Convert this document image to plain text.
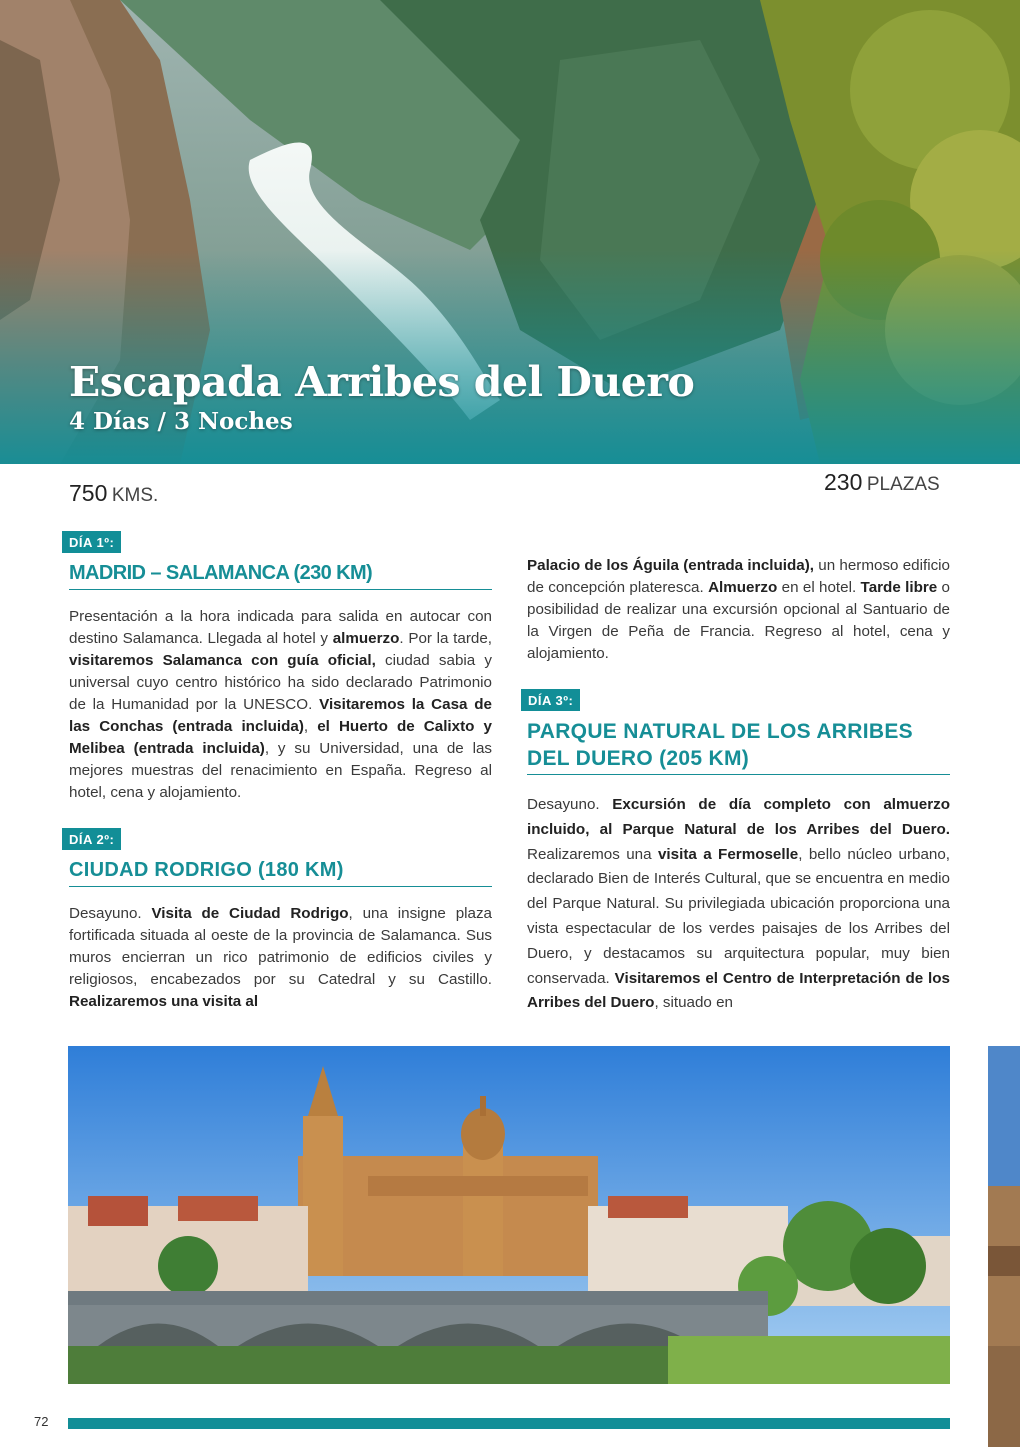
Escapada Arribes del Duero
4 Días / 3 Noches
750 KMS.
230 PLAZAS
DÍA 1º:
MADRID – SALAMANCA (230 KM)

Presentación a la hora indicada para salida en autocar con destino Salamanca. Llegada al hotel y almuerzo. Por la tarde, visitaremos Salamanca con guía oficial, ciudad sabia y universal cuyo centro histórico ha sido declarado Patrimonio de la Humanidad por la UNESCO. Visitaremos la Casa de las Conchas (entrada incluida), el Huerto de Calixto y Melibea (entrada incluida), y su Universidad, una de las mejores muestras del renacimiento en España. Regreso al hotel, cena y alojamiento.

DÍA 2º:
CIUDAD RODRIGO (180 KM)

Desayuno. Visita de Ciudad Rodrigo, una insigne plaza fortificada situada al oeste de la provincia de Salamanca. Sus muros encierran un rico patrimonio de edificios civiles y religiosos, encabezados por su Catedral y su Castillo. Realizaremos una visita al

Palacio de los Águila (entrada incluida), un hermoso edificio de concepción plateresca. Almuerzo en el hotel. Tarde libre o posibilidad de realizar una excursión opcional al Santuario de la Virgen de Peña de Francia. Regreso al hotel, cena y alojamiento.

DÍA 3º:
PARQUE NATURAL DE LOS ARRIBES DEL DUERO (205 KM)

Desayuno. Excursión de día completo con almuerzo incluido, al Parque Natural de los Arribes del Duero. Realizaremos una visita a Fermoselle, bello núcleo urbano, declarado Bien de Interés Cultural, que se encuentra en medio del Parque Natural. Su privilegiada ubicación proporciona una vista espectacular de los verdes paisajes de los Arribes del Duero, y destacamos su arquitectura popular, muy bien conservada. Visitaremos el Centro de Interpretación de los Arribes del Duero, situado en

72
